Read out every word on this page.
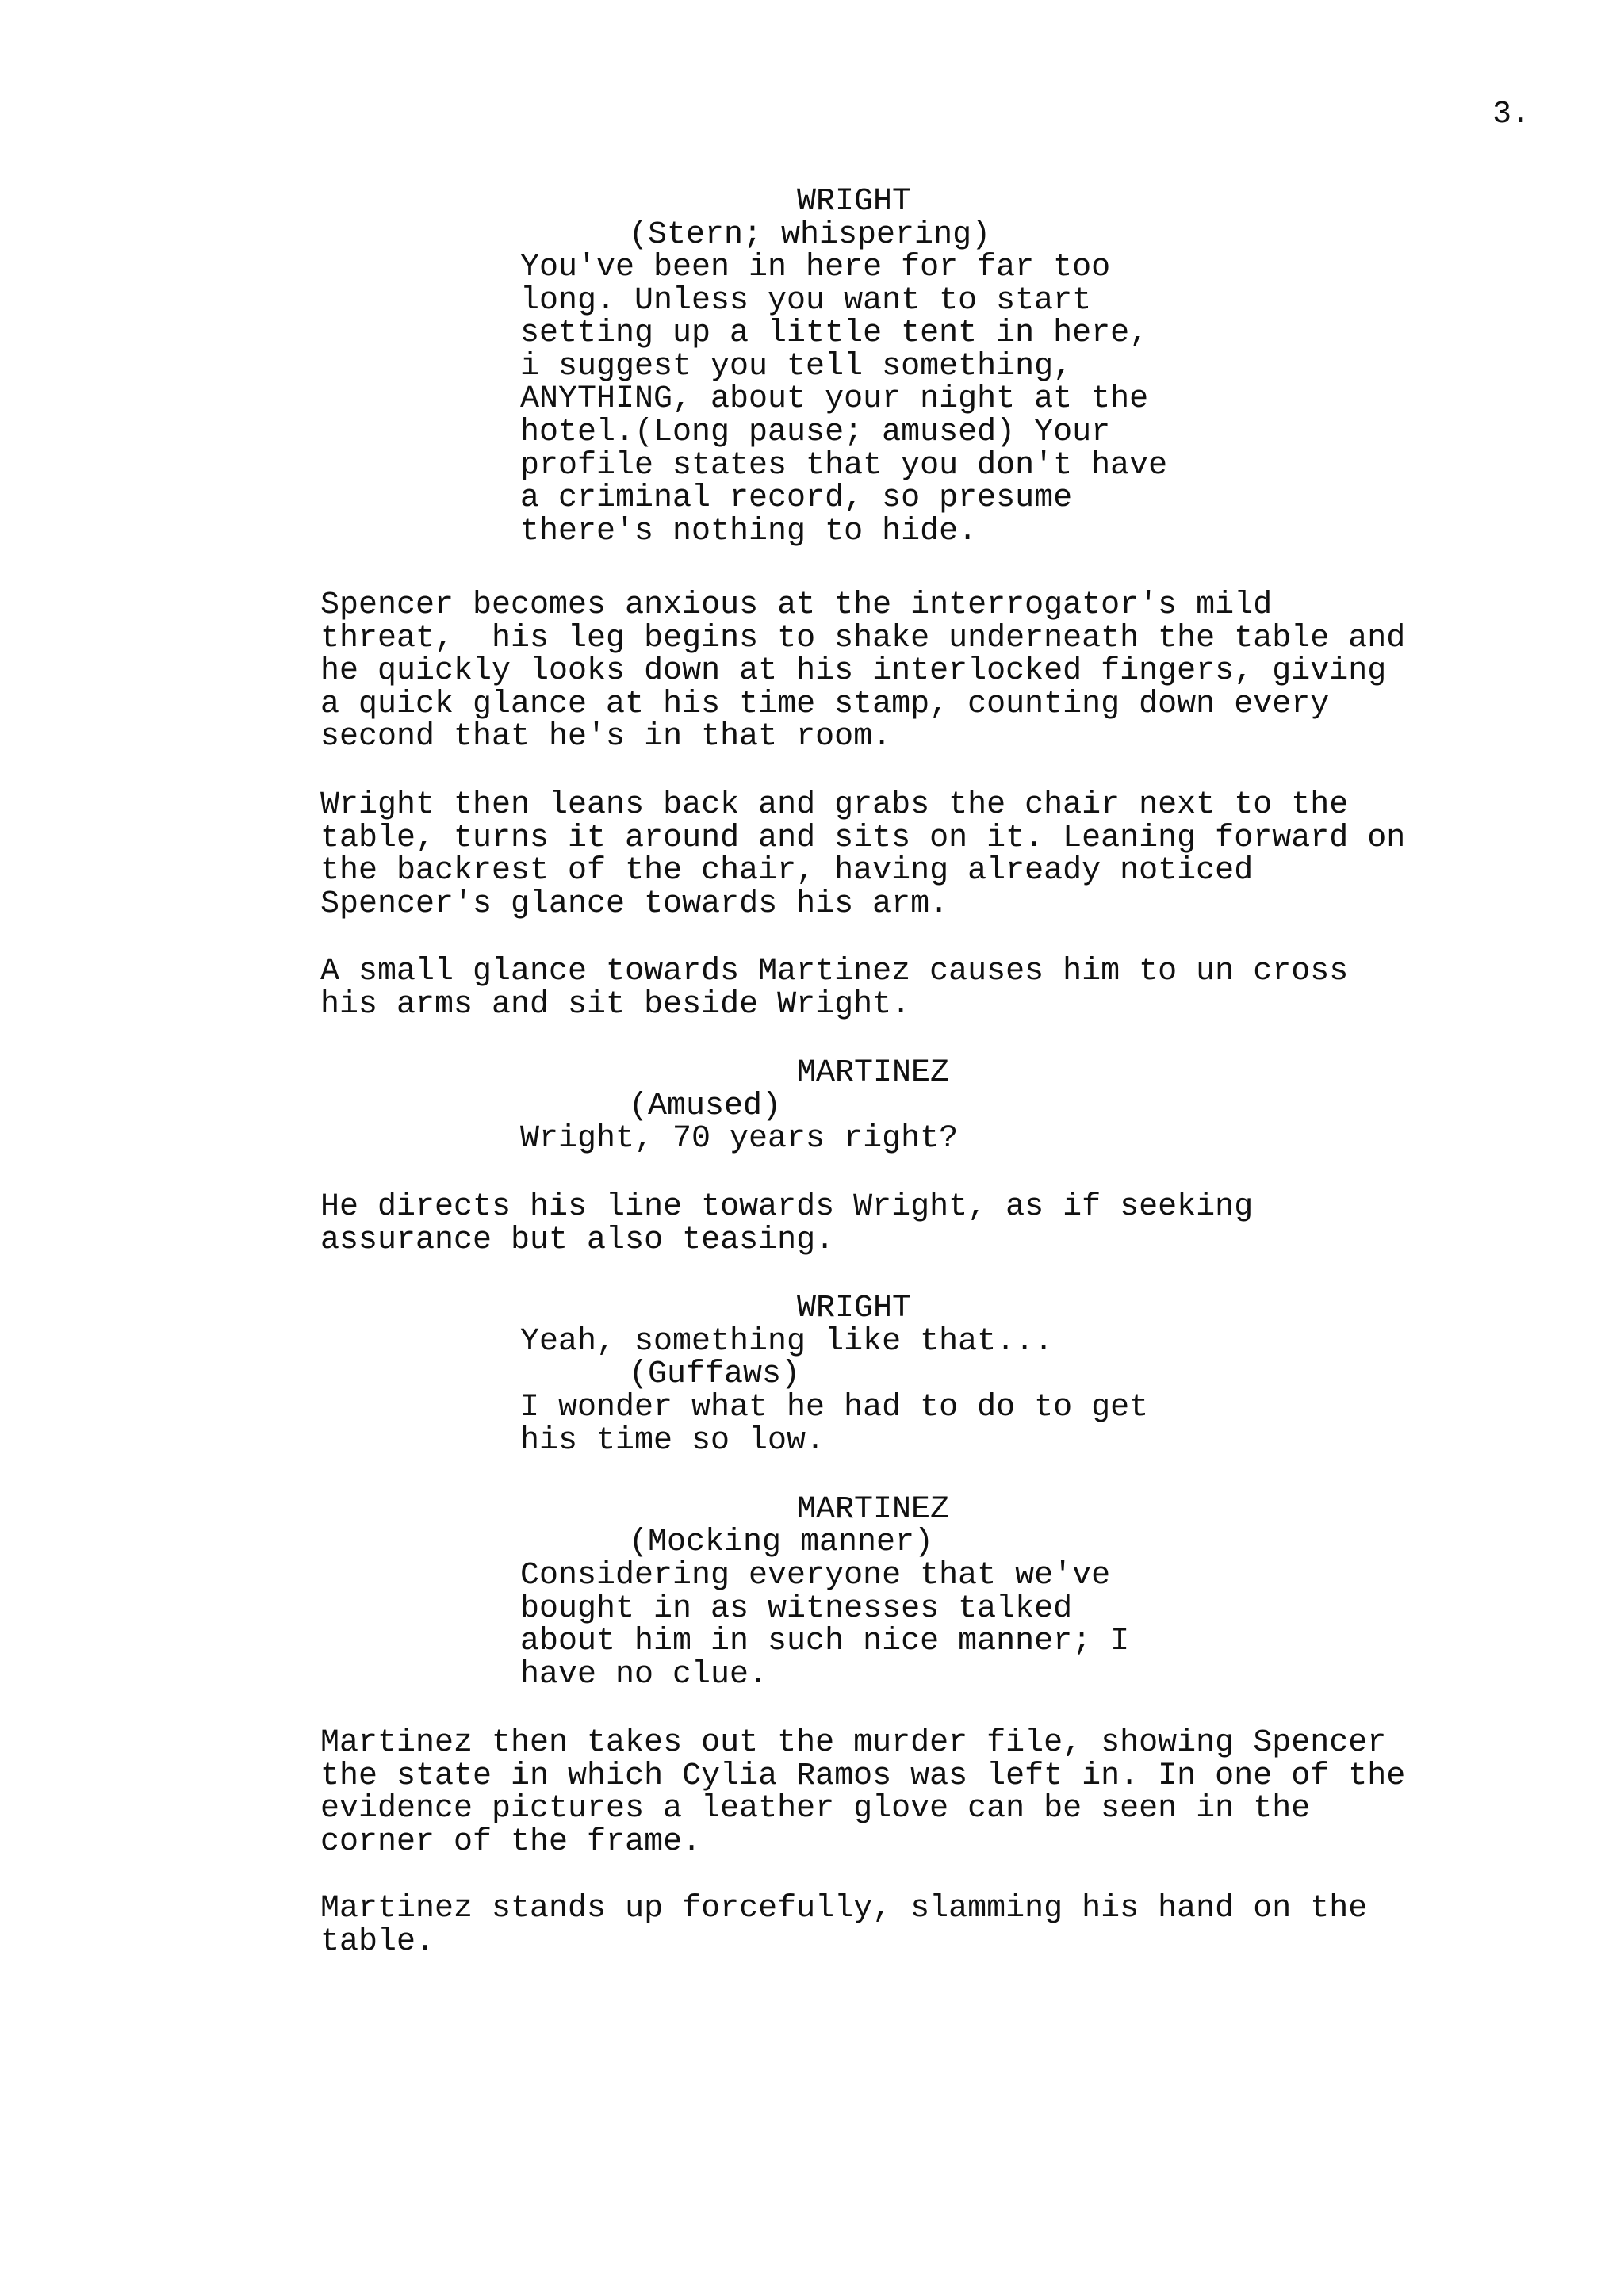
3.

WRIGHT

(Stern; whispering)

You've been in here for far too
long. Unless you want to start
setting up a little tent in here,
i suggest you tell something,
ANYTHING, about your night at the
hotel.(Long pause; amused) Your
profile states that you don't have
a criminal record, so presume
there's nothing to hide.

Spencer becomes anxious at the interrogator's mild
threat,  his leg begins to shake underneath the table and
he quickly looks down at his interlocked fingers, giving
a quick glance at his time stamp, counting down every
second that he's in that room.

Wright then leans back and grabs the chair next to the
table, turns it around and sits on it. Leaning forward on
the backrest of the chair, having already noticed
Spencer's glance towards his arm.

A small glance towards Martinez causes him to un cross
his arms and sit beside Wright.

MARTINEZ

(Amused)

Wright, 70 years right?

He directs his line towards Wright, as if seeking
assurance but also teasing.

WRIGHT

Yeah, something like that...

(Guffaws)

I wonder what he had to do to get
his time so low.

MARTINEZ

(Mocking manner)

Considering everyone that we've
bought in as witnesses talked
about him in such nice manner; I
have no clue.

Martinez then takes out the murder file, showing Spencer
the state in which Cylia Ramos was left in. In one of the
evidence pictures a leather glove can be seen in the
corner of the frame.

Martinez stands up forcefully, slamming his hand on the
table.
